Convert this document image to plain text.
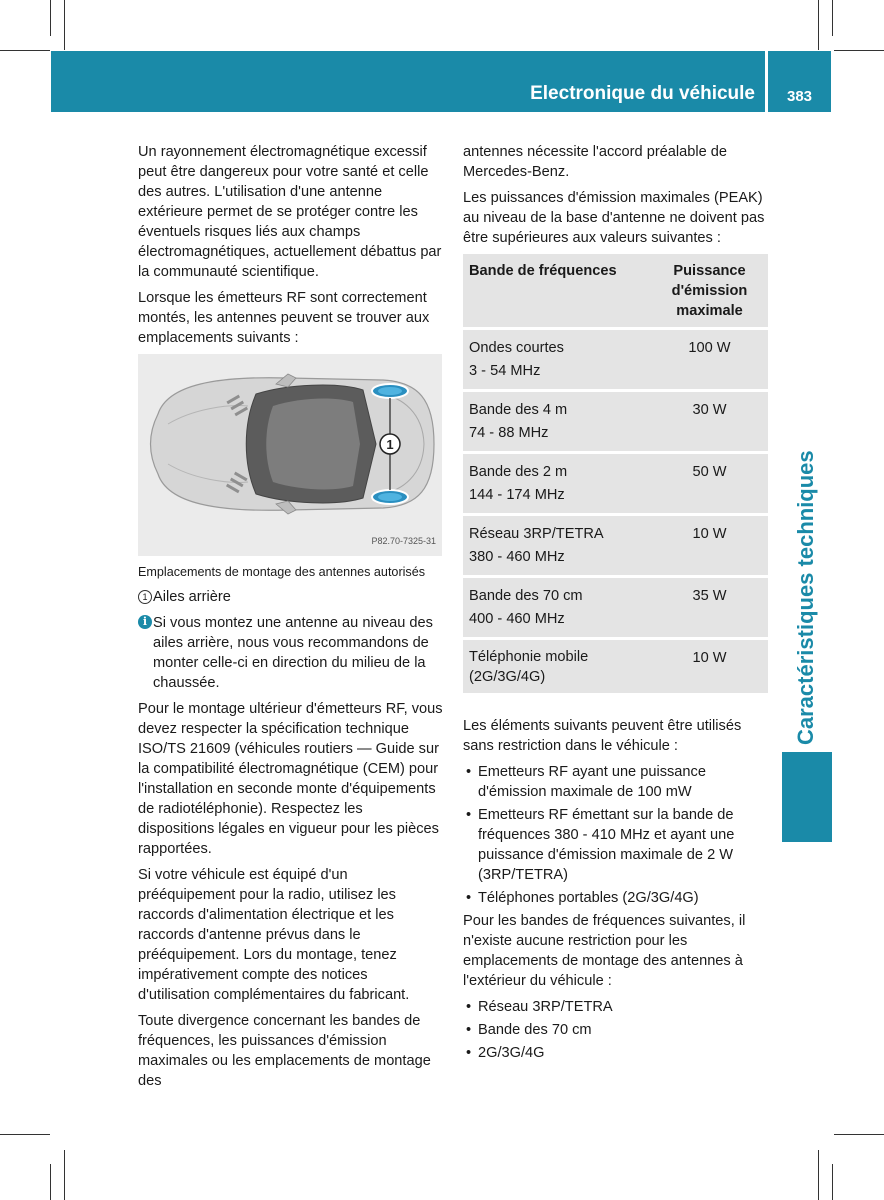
Electronique du véhicule	383
Caractéristiques techniques

Un rayonnement électromagnétique excessif peut être dangereux pour votre santé et celle des autres. L'utilisation d'une antenne extérieure permet de se protéger contre les éventuels risques liés aux champs électromagnétiques, actuellement débattus par la communauté scientifique.

Lorsque les émetteurs RF sont correctement montés, les antennes peuvent se trouver aux emplacements suivants :

1
P82.70-7325-31

Emplacements de montage des antennes autorisés

1 Ailes arrière
i Si vous montez une antenne au niveau des ailes arrière, nous vous recommandons de monter celle-ci en direction du milieu de la chaussée.

Pour le montage ultérieur d'émetteurs RF, vous devez respecter la spécification technique ISO/TS 21609 (véhicules routiers — Guide sur la compatibilité électromagnétique (CEM) pour l'installation en seconde monte d'équipements de radiotéléphonie). Respectez les dispositions légales en vigueur pour les pièces rapportées.

Si votre véhicule est équipé d'un prééquipement pour la radio, utilisez les raccords d'alimentation électrique et les raccords d'antenne prévus dans le prééquipement. Lors du montage, tenez impérativement compte des notices d'utilisation complémentaires du fabricant.

Toute divergence concernant les bandes de fréquences, les puissances d'émission maximales ou les emplacements de montage des

antennes nécessite l'accord préalable de Mercedes-Benz.

Les puissances d'émission maximales (PEAK) au niveau de la base d'antenne ne doivent pas être supérieures aux valeurs suivantes :

Bande de fréquences	Puissance d'émission maximale
Ondes courtes
3 - 54 MHz	100 W
Bande des 4 m
74 - 88 MHz	30 W
Bande des 2 m
144 - 174 MHz	50 W
Réseau 3RP/TETRA
380 - 460 MHz	10 W
Bande des 70 cm
400 - 460 MHz	35 W
Téléphonie mobile
(2G/3G/4G)	10 W

Les éléments suivants peuvent être utilisés sans restriction dans le véhicule :

• Emetteurs RF ayant une puissance d'émission maximale de 100 mW
• Emetteurs RF émettant sur la bande de fréquences 380 - 410 MHz et ayant une puissance d'émission maximale de 2 W (3RP/TETRA)
• Téléphones portables (2G/3G/4G)

Pour les bandes de fréquences suivantes, il n'existe aucune restriction pour les emplacements de montage des antennes à l'extérieur du véhicule :

• Réseau 3RP/TETRA
• Bande des 70 cm
• 2G/3G/4G
